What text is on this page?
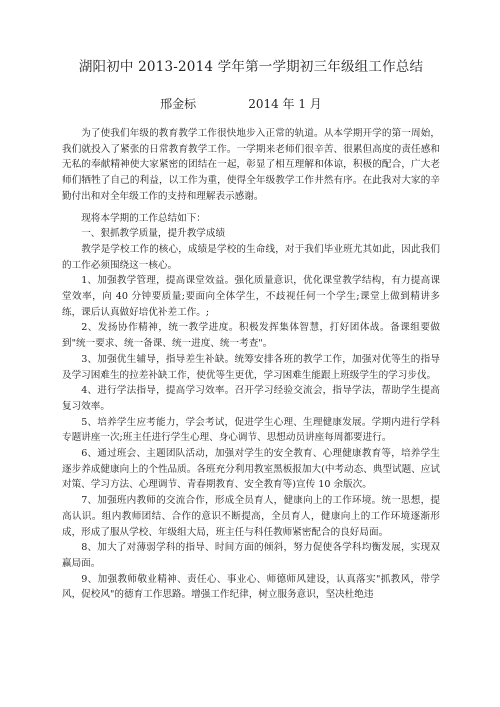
湖阳初中 2013-2014 学年第一学期初三年级组工作总结
邢金标	2014 年 1 月

为了使我们年级的教育教学工作很快地步入正常的轨道。从本学期开学的第一周始，我们就投入了紧张的日常教育教学工作。一学期来老师们很辛苦、很累但高度的责任感和无私的奉献精神使大家紧密的团结在一起，彰显了相互理解和体谅，积极的配合，广大老师们牺牲了自己的利益，以工作为重，使得全年级教学工作井然有序。在此我对大家的辛勤付出和对全年级工作的支持和理解表示感谢。

现将本学期的工作总结如下：

一、狠抓教学质量，提升教学成绩

教学是学校工作的核心，成绩是学校的生命线，对于我们毕业班尤其如此，因此我们的工作必须围绕这一核心。

1、加强教学管理，提高课堂效益。强化质量意识，优化课堂教学结构，有力提高课堂效率，向 40 分钟要质量;要面向全体学生，不歧视任何一个学生;课堂上做到精讲多练，课后认真做好培优补差工作。;

2、发扬协作精神，统一教学进度。积极发挥集体智慧，打好团体战。备课组要做到"统一要求、统一备课、统一进度、统一考查"。

3、加强优生辅导，指导差生补缺。统筹安排各班的教学工作，加强对优等生的指导及学习困难生的拉差补缺工作，使优等生更优，学习困难生能跟上班级学生的学习步伐。

4、进行学法指导，提高学习效率。召开学习经验交流会，指导学法，帮助学生提高复习效率。

5、培养学生应考能力，学会考试，促进学生心理、生理健康发展。学期内进行学科专题讲座一次;班主任进行学生心理、身心调节、思想动员讲座每周都要进行。

6、通过班会、主题团队活动，加强对学生的安全教育、心理健康教育等，培养学生逐步养成健康向上的个性品质。各班充分利用教室黑板报加大(中考动态、典型试题、应试对策、学习方法、心理调节、青春期教育、安全教育等)宣传 10 余版次。

7、加强班内教师的交流合作，形成全员育人，健康向上的工作环境。统一思想，提高认识。组内教师团结、合作的意识不断提高，全员育人，健康向上的工作环境逐渐形成，形成了服从学校、年级组大局，班主任与科任教师紧密配合的良好局面。

8、加大了对薄弱学科的指导、时间方面的倾斜，努力促使各学科均衡发展，实现双赢局面。

9、加强教师敬业精神、责任心、事业心、师德师风建设，认真落实"抓教风，带学风，促校风"的德育工作思路。增强工作纪律，树立服务意识，坚决杜绝违
